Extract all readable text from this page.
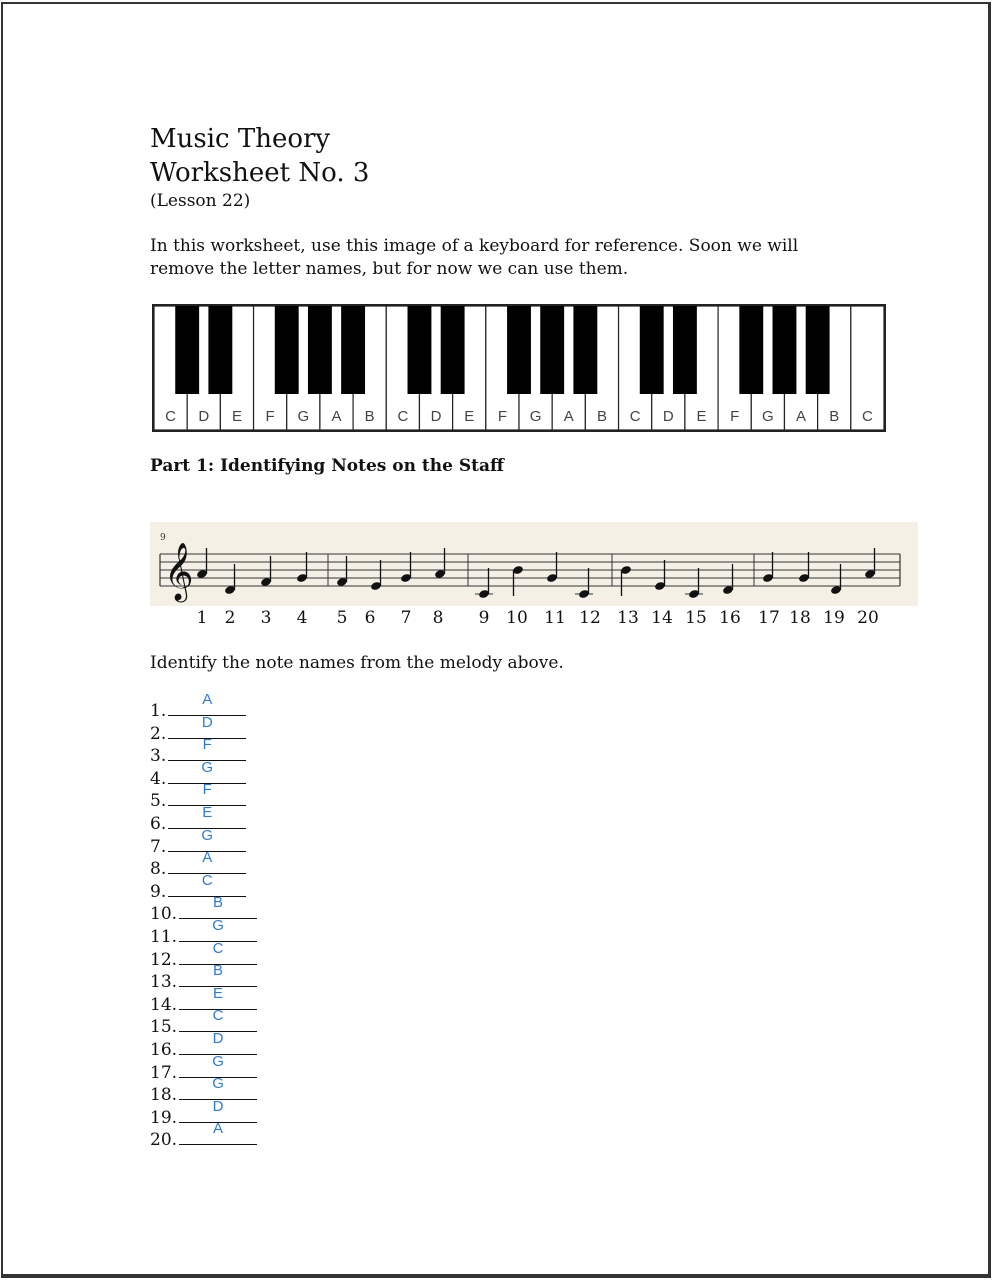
Music Theory
Worksheet No. 3
(Lesson 22)
In this worksheet, use this image of a keyboard for reference. Soon we will remove the letter names, but for now we can use them.
C D E F G A B C D E F G A B C D E F G A B C
Part 1: Identifying Notes on the Staff
9
𝄞
1 2 3 4 5 6 7 8 9 10 11 12 13 14 15 16 17 18 19 20
Identify the note names from the melody above.
1.
A
2.
D
3.
F
4.
G
5.
F
6.
E
7.
G
8.
A
9.
C
10.
B
11.
G
12.
C
13.
B
14.
E
15.
C
16.
D
17.
G
18.
G
19.
D
20.
A
